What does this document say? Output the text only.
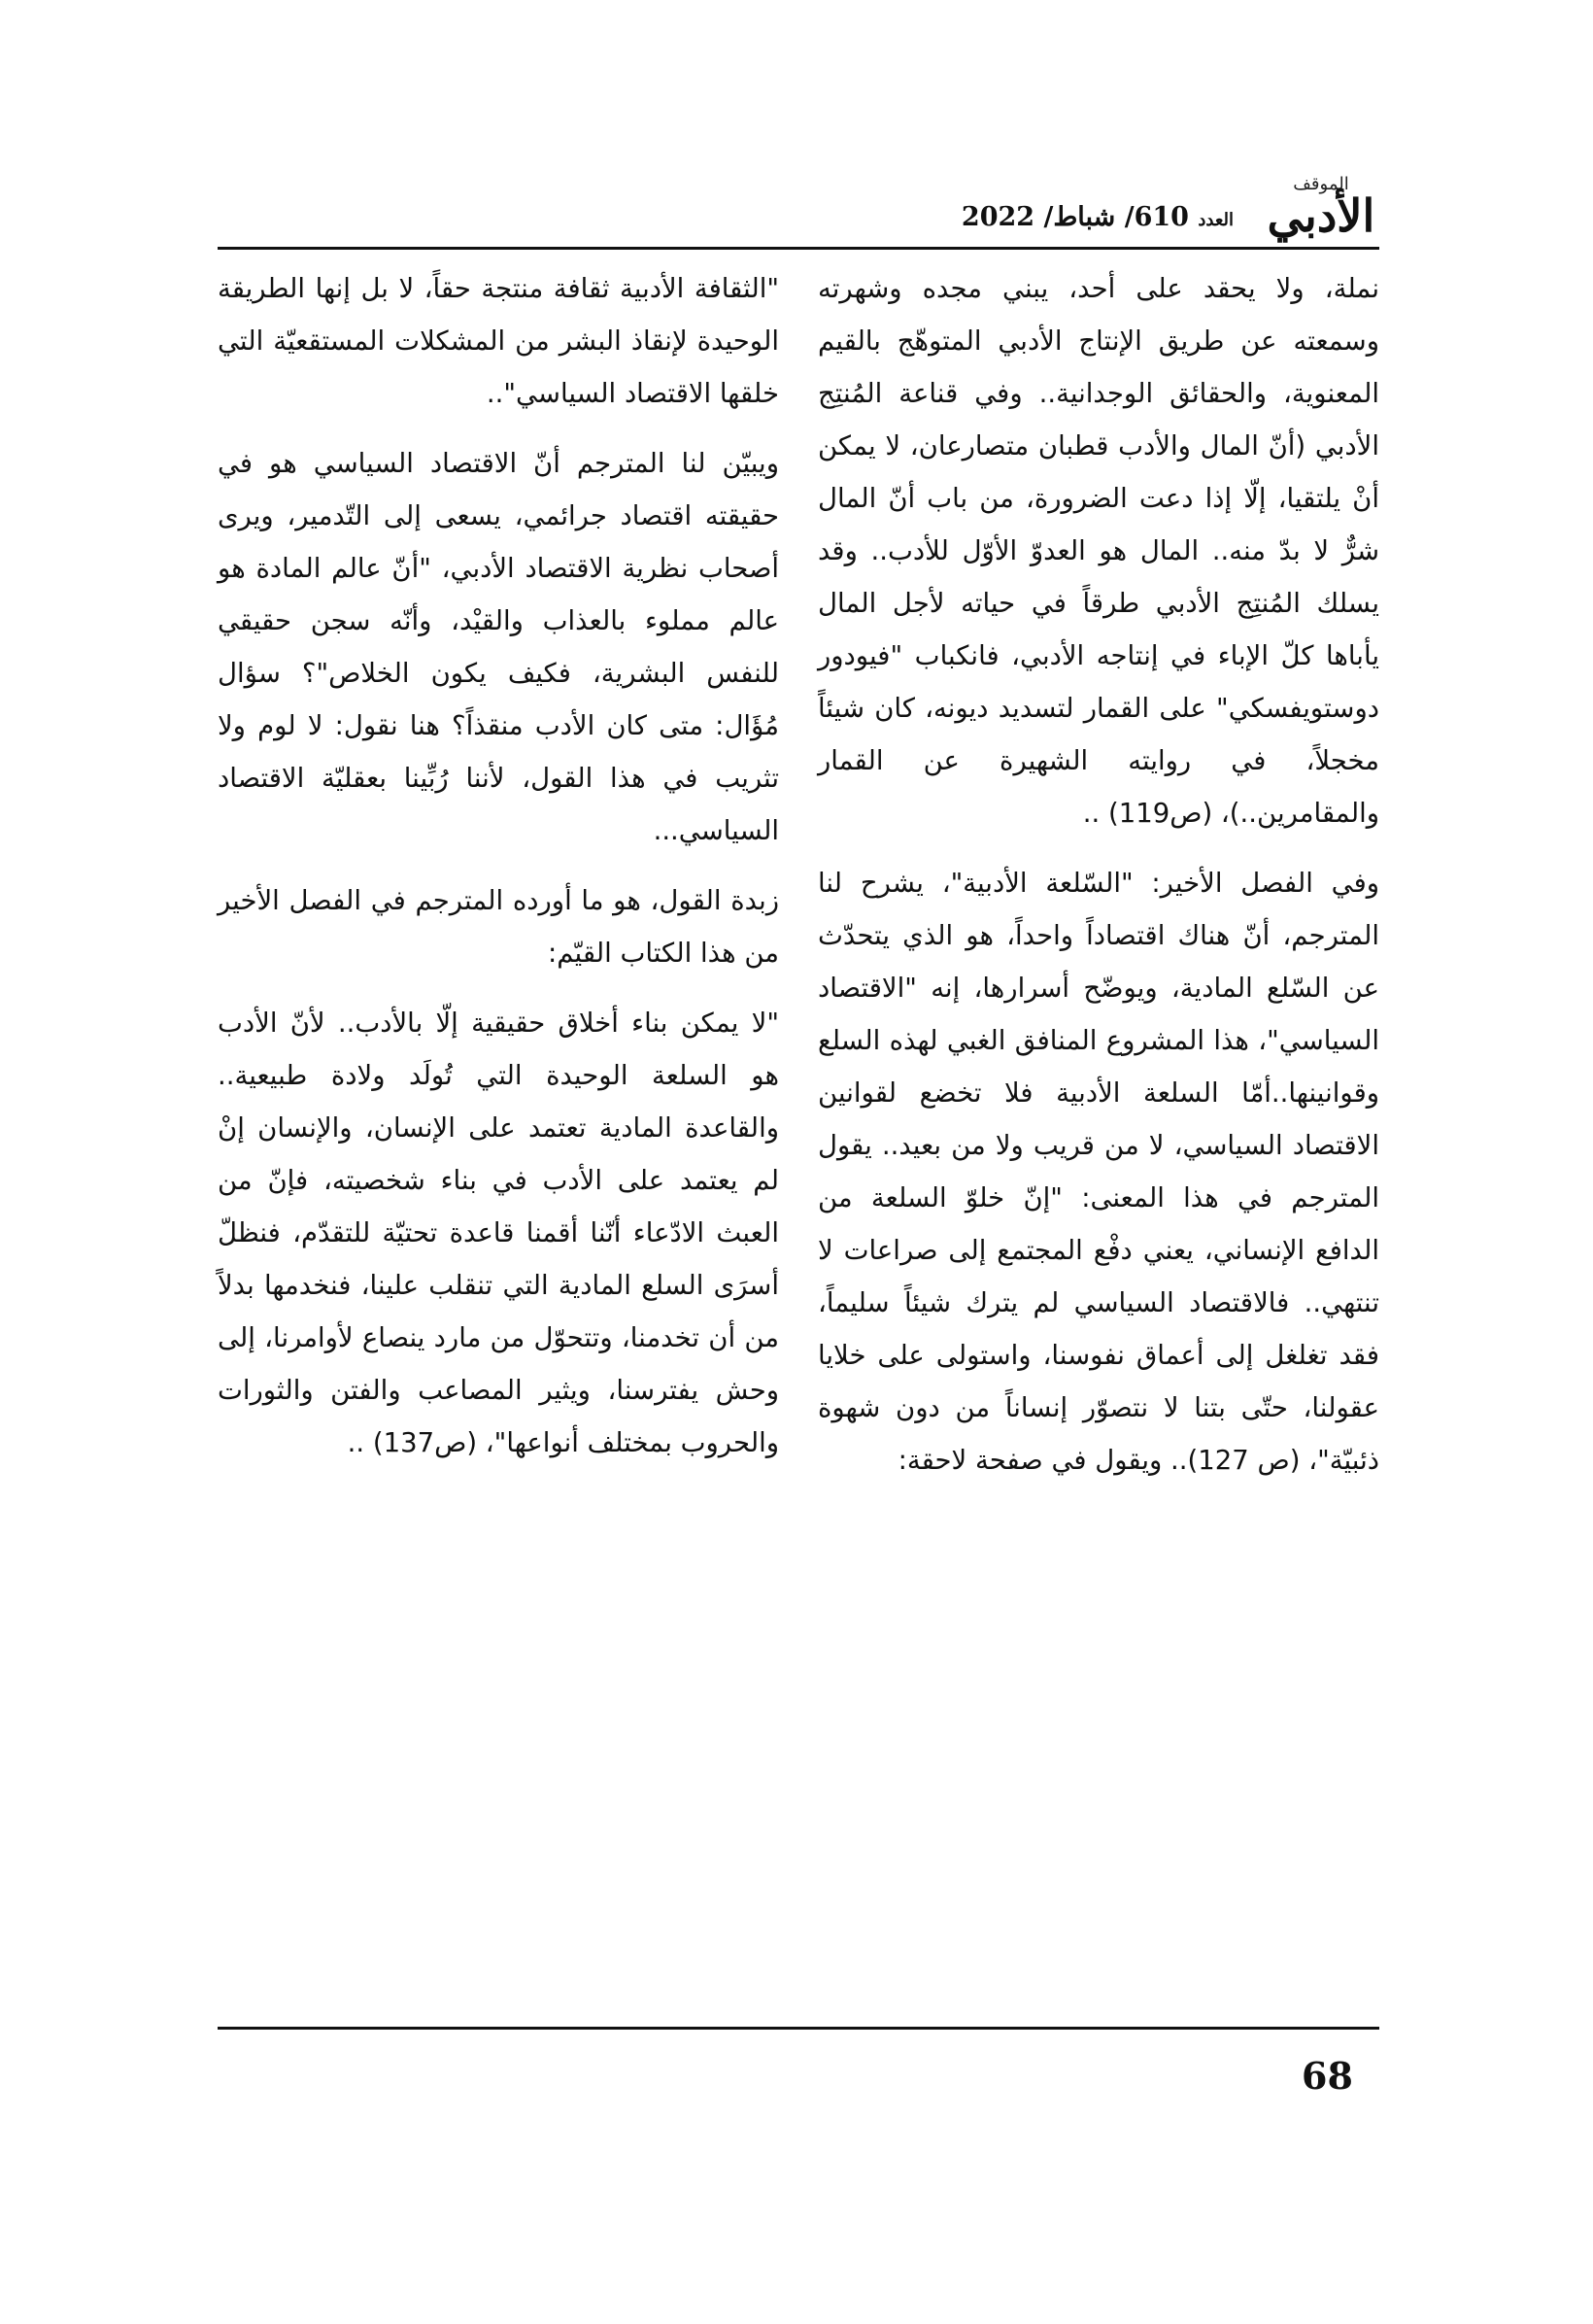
الموقف
الأدبي
العدد 610/ شباط/ 2022

نملة، ولا يحقد على أحد، يبني مجده وشهرته وسمعته عن طريق الإنتاج الأدبي المتوهّج بالقيم المعنوية، والحقائق الوجدانية.. وفي قناعة المُنتِج الأدبي (أنّ المال والأدب قطبان متصارعان، لا يمكن أنْ يلتقيا، إلّا إذا دعت الضرورة، من باب أنّ المال شرٌّ لا بدّ منه.. المال هو العدوّ الأوّل للأدب.. وقد يسلك المُنتِج الأدبي طرقاً في حياته لأجل المال يأباها كلّ الإباء في إنتاجه الأدبي، فانكباب "فيودور دوستويفسكي" على القمار لتسديد ديونه، كان شيئاً مخجلاً، في روايته الشهيرة عن القمار والمقامرين..)، (ص119) ..

وفي الفصل الأخير: "السّلعة الأدبية"، يشرح لنا المترجم، أنّ هناك اقتصاداً واحداً، هو الذي يتحدّث عن السّلع المادية، ويوضّح أسرارها، إنه "الاقتصاد السياسي"، هذا المشروع المنافق الغبي لهذه السلع وقوانينها..أمّا السلعة الأدبية فلا تخضع لقوانين الاقتصاد السياسي، لا من قريب ولا من بعيد.. يقول المترجم في هذا المعنى: "إنّ خلوّ السلعة من الدافع الإنساني، يعني دفْع المجتمع إلى صراعات لا تنتهي.. فالاقتصاد السياسي لم يترك شيئاً سليماً، فقد تغلغل إلى أعماق نفوسنا، واستولى على خلايا عقولنا، حتّى بتنا لا نتصوّر إنساناً من دون شهوة ذئبيّة"، (ص 127).. ويقول في صفحة لاحقة:

"الثقافة الأدبية ثقافة منتجة حقاً، لا بل إنها الطريقة الوحيدة لإنقاذ البشر من المشكلات المستقعيّة التي خلقها الاقتصاد السياسي"..

ويبيّن لنا المترجم أنّ الاقتصاد السياسي هو في حقيقته اقتصاد جرائمي، يسعى إلى التّدمير، ويرى أصحاب نظرية الاقتصاد الأدبي، "أنّ عالم المادة هو عالم مملوء بالعذاب والقيْد، وأنّه سجن حقيقي للنفس البشرية، فكيف يكون الخلاص"؟ سؤال مُؤَال: متى كان الأدب منقذاً؟ هنا نقول: لا لوم ولا تثريب في هذا القول، لأننا رُبِّينا بعقليّة الاقتصاد السياسي...

زبدة القول، هو ما أورده المترجم في الفصل الأخير من هذا الكتاب القيّم:

"لا يمكن بناء أخلاق حقيقية إلّا بالأدب.. لأنّ الأدب هو السلعة الوحيدة التي تُولَد ولادة طبيعية.. والقاعدة المادية تعتمد على الإنسان، والإنسان إنْ لم يعتمد على الأدب في بناء شخصيته، فإنّ من العبث الادّعاء أنّنا أقمنا قاعدة تحتيّة للتقدّم، فنظلّ أسرَى السلع المادية التي تنقلب علينا، فنخدمها بدلاً من أن تخدمنا، وتتحوّل من مارد ينصاع لأوامرنا، إلى وحش يفترسنا، ويثير المصاعب والفتن والثورات والحروب بمختلف أنواعها"، (ص137) ..

68
